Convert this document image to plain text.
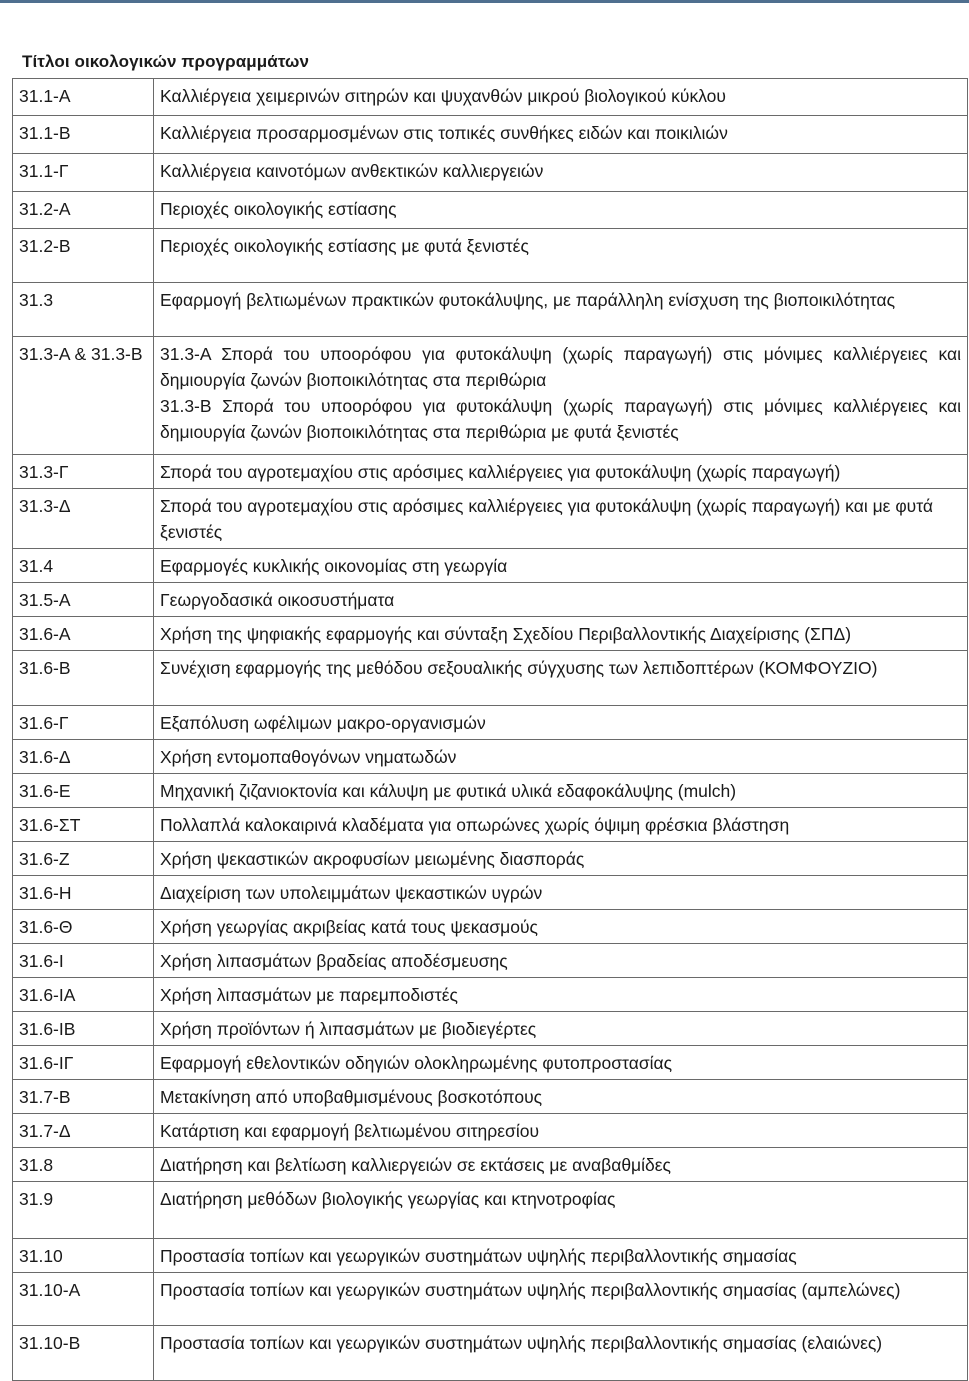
Τίτλοι οικολογικών προγραμμάτων
31.1-Α	Καλλιέργεια χειμερινών σιτηρών και ψυχανθών μικρού βιολογικού κύκλου
31.1-Β	Καλλιέργεια προσαρμοσμένων στις τοπικές συνθήκες ειδών και ποικιλιών
31.1-Γ	Καλλιέργεια καινοτόμων ανθεκτικών καλλιεργειών
31.2-Α	Περιοχές οικολογικής εστίασης
31.2-Β	Περιοχές οικολογικής εστίασης με φυτά ξενιστές
31.3	Εφαρμογή βελτιωμένων πρακτικών φυτοκάλυψης, με παράλληλη ενίσχυση της βιοποικιλότητας
31.3-Α & 31.3-Β	31.3-Α Σπορά του υποορόφου για φυτοκάλυψη (χωρίς παραγωγή) στις μόνιμες καλλιέργειες και δημιουργία ζωνών βιοποικιλότητας στα περιθώρια
31.3-Β Σπορά του υποορόφου για φυτοκάλυψη (χωρίς παραγωγή) στις μόνιμες καλλιέργειες και δημιουργία ζωνών βιοποικιλότητας στα περιθώρια με φυτά ξενιστές

31.3-Γ	Σπορά του αγροτεμαχίου στις αρόσιμες καλλιέργειες για φυτοκάλυψη (χωρίς παραγωγή)
31.3-Δ	Σπορά του αγροτεμαχίου στις αρόσιμες καλλιέργειες για φυτοκάλυψη (χωρίς παραγωγή) και με φυτά ξενιστές
31.4	Εφαρμογές κυκλικής οικονομίας στη γεωργία
31.5-Α	Γεωργοδασικά οικοσυστήματα
31.6-Α	Χρήση της ψηφιακής εφαρμογής και σύνταξη Σχεδίου Περιβαλλοντικής Διαχείρισης (ΣΠΔ)
31.6-Β	Συνέχιση εφαρμογής της μεθόδου σεξουαλικής σύγχυσης των λεπιδοπτέρων (ΚΟΜΦΟΥΖΙΟ)
31.6-Γ	Εξαπόλυση ωφέλιμων μακρο-οργανισμών
31.6-Δ	Χρήση εντομοπαθογόνων νηματωδών
31.6-Ε	Μηχανική ζιζανιοκτονία και κάλυψη με φυτικά υλικά εδαφοκάλυψης (mulch)
31.6-ΣΤ	Πολλαπλά καλοκαιρινά κλαδέματα για οπωρώνες χωρίς όψιμη φρέσκια βλάστηση
31.6-Ζ	Χρήση ψεκαστικών ακροφυσίων μειωμένης διασποράς
31.6-Η	Διαχείριση των υπολειμμάτων ψεκαστικών υγρών
31.6-Θ	Χρήση γεωργίας ακριβείας κατά τους ψεκασμούς
31.6-Ι	Χρήση λιπασμάτων βραδείας αποδέσμευσης
31.6-ΙΑ	Χρήση λιπασμάτων με παρεμποδιστές
31.6-ΙΒ	Χρήση προϊόντων ή λιπασμάτων με βιοδιεγέρτες
31.6-ΙΓ	Εφαρμογή εθελοντικών οδηγιών ολοκληρωμένης φυτοπροστασίας
31.7-Β	Μετακίνηση από υποβαθμισμένους βοσκοτόπους
31.7-Δ	Κατάρτιση και εφαρμογή βελτιωμένου σιτηρεσίου
31.8	Διατήρηση και βελτίωση καλλιεργειών σε εκτάσεις με αναβαθμίδες
31.9	Διατήρηση μεθόδων βιολογικής γεωργίας και κτηνοτροφίας
31.10	Προστασία τοπίων και γεωργικών συστημάτων υψηλής περιβαλλοντικής σημασίας
31.10-Α	Προστασία τοπίων και γεωργικών συστημάτων υψηλής περιβαλλοντικής σημασίας (αμπελώνες)
31.10-Β	Προστασία τοπίων και γεωργικών συστημάτων υψηλής περιβαλλοντικής σημασίας (ελαιώνες)
